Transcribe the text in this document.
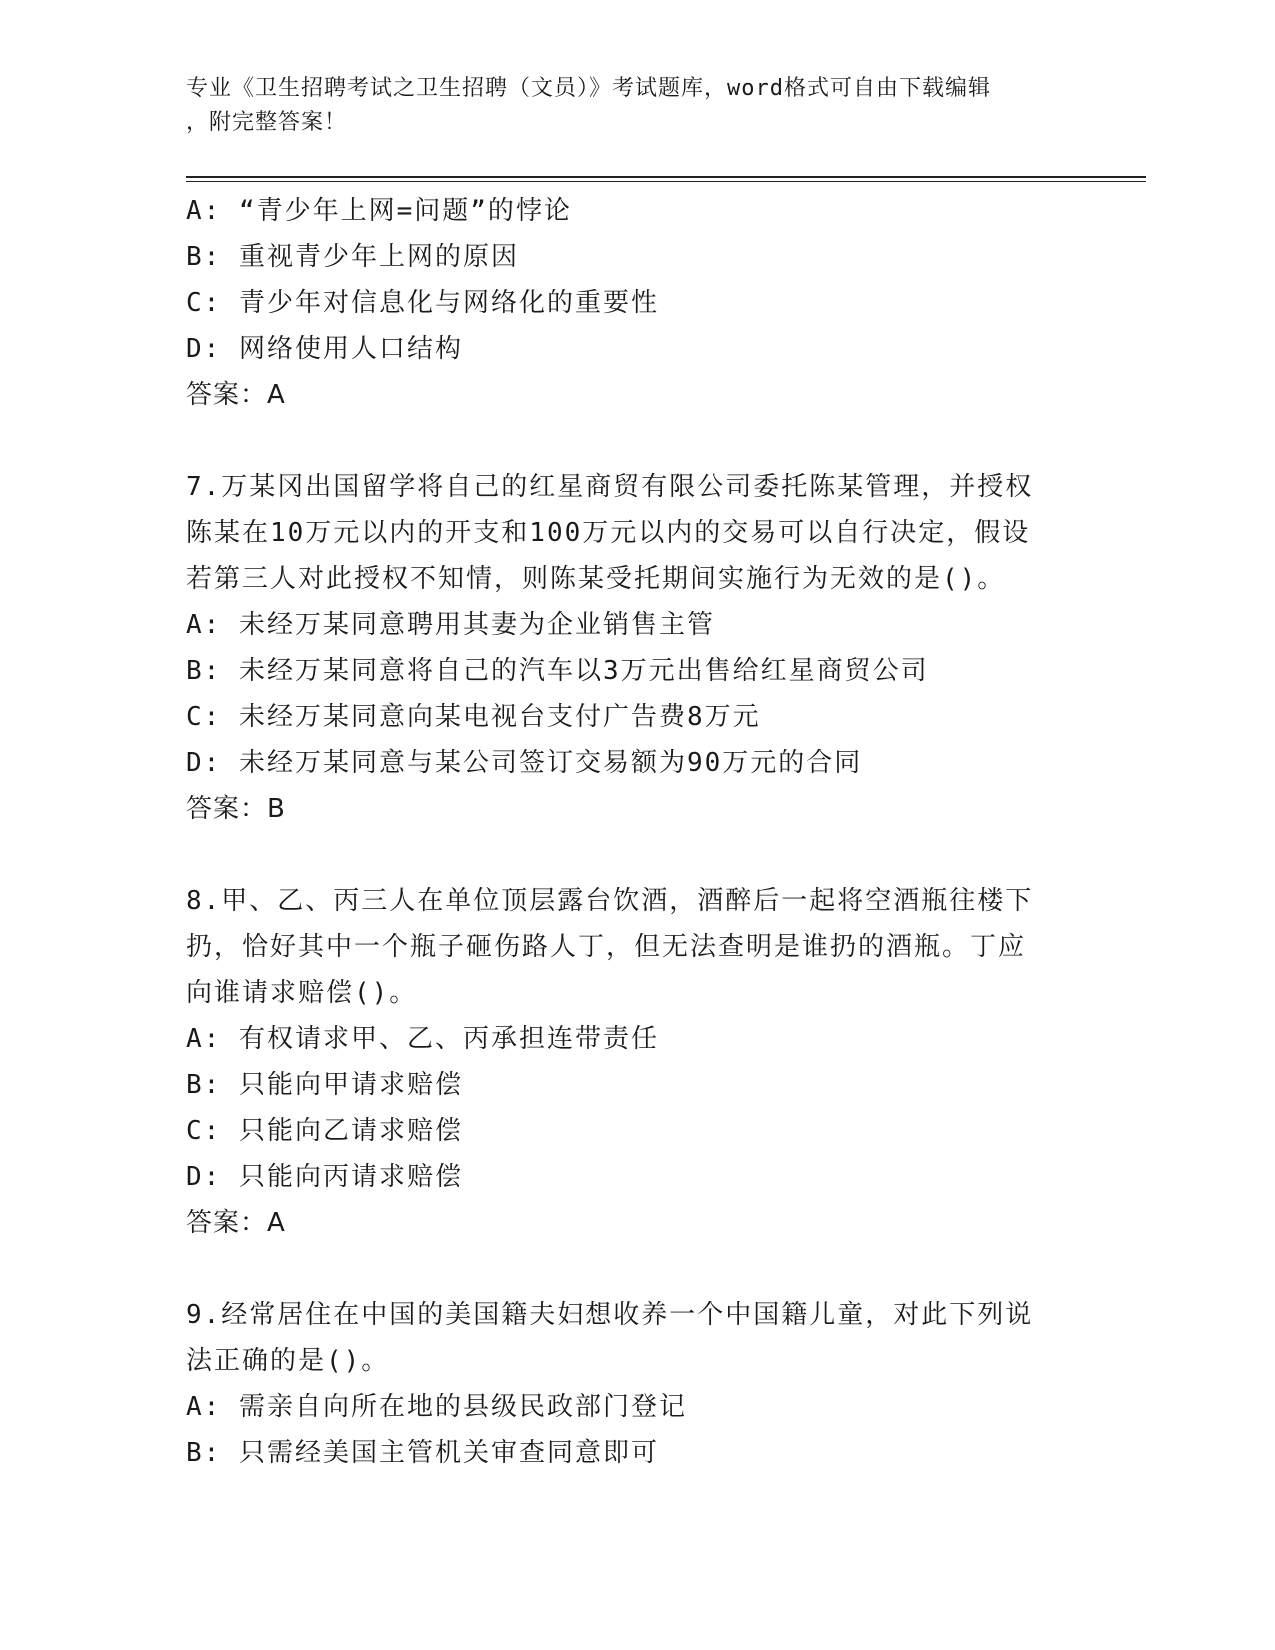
专业《卫生招聘考试之卫生招聘（文员）》考试题库，word格式可自由下载编辑
，附完整答案！
A: “青少年上网=问题”的悖论
B: 重视青少年上网的原因
C: 青少年对信息化与网络化的重要性
D: 网络使用人口结构
答案：A
7.万某冈出国留学将自己的红星商贸有限公司委托陈某管理，并授权
陈某在10万元以内的开支和100万元以内的交易可以自行决定，假设
若第三人对此授权不知情，则陈某受托期间实施行为无效的是()。
A: 未经万某同意聘用其妻为企业销售主管
B: 未经万某同意将自己的汽车以3万元出售给红星商贸公司
C: 未经万某同意向某电视台支付广告费8万元
D: 未经万某同意与某公司签订交易额为90万元的合同
答案：B
8.甲、乙、丙三人在单位顶层露台饮酒，酒醉后一起将空酒瓶往楼下
扔，恰好其中一个瓶子砸伤路人丁，但无法查明是谁扔的酒瓶。丁应
向谁请求赔偿()。
A: 有权请求甲、乙、丙承担连带责任
B: 只能向甲请求赔偿
C: 只能向乙请求赔偿
D: 只能向丙请求赔偿
答案：A
9.经常居住在中国的美国籍夫妇想收养一个中国籍儿童，对此下列说
法正确的是()。
A: 需亲自向所在地的县级民政部门登记
B: 只需经美国主管机关审查同意即可
